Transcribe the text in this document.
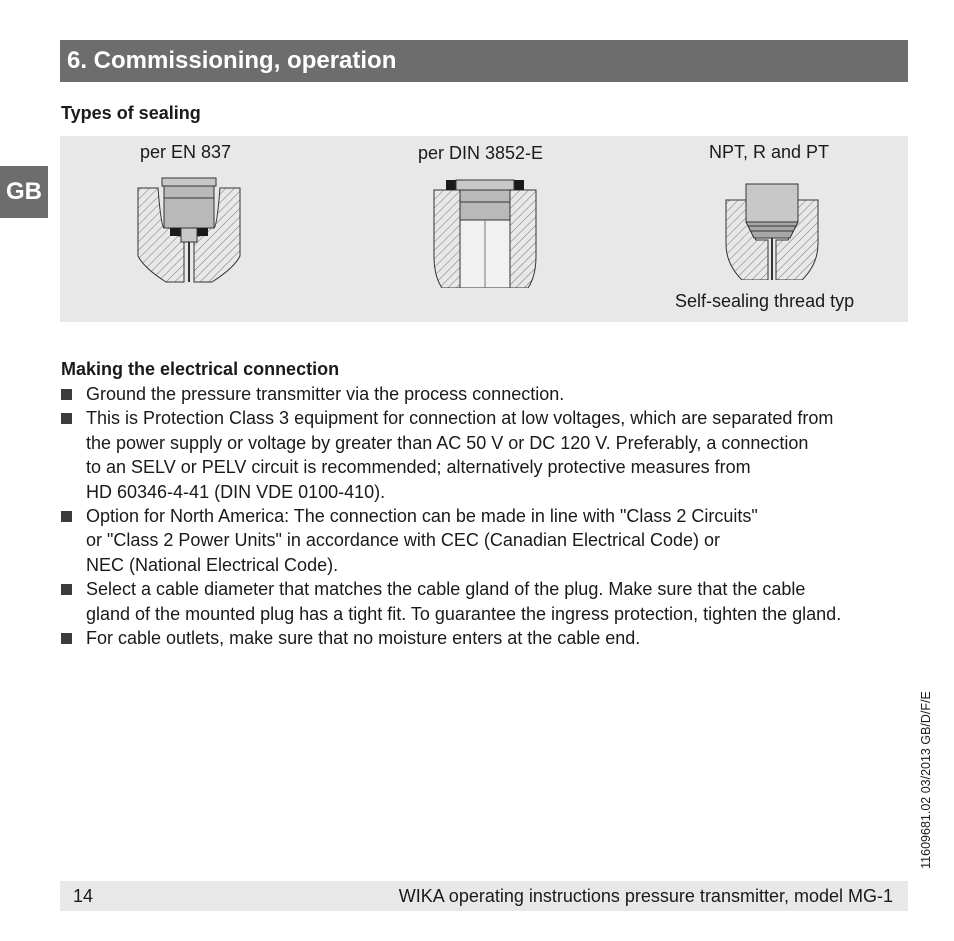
6. Commissioning, operation
GB
Types of sealing
per EN 837	per DIN 3852-E	NPT, R and PT
Self-sealing thread typ
Making the electrical connection
Ground the pressure transmitter via the process connection.
This is Protection Class 3 equipment for connection at low voltages, which are separated from
the power supply or voltage by greater than AC 50 V or DC 120 V. Preferably, a connection
to an SELV or PELV circuit is recommended; alternatively protective measures from
HD 60346-4-41 (DIN VDE 0100-410).
Option for North America: The connection can be made in line with "Class 2 Circuits"
or "Class 2 Power Units" in accordance with CEC (Canadian Electrical Code) or
NEC (National Electrical Code).
Select a cable diameter that matches the cable gland of the plug. Make sure that the cable
gland of the mounted plug has a tight fit. To guarantee the ingress protection, tighten the gland.
For cable outlets, make sure that no moisture enters at the cable end.
11609681.02 03/2013 GB/D/F/E
14	WIKA operating instructions pressure transmitter, model MG-1
